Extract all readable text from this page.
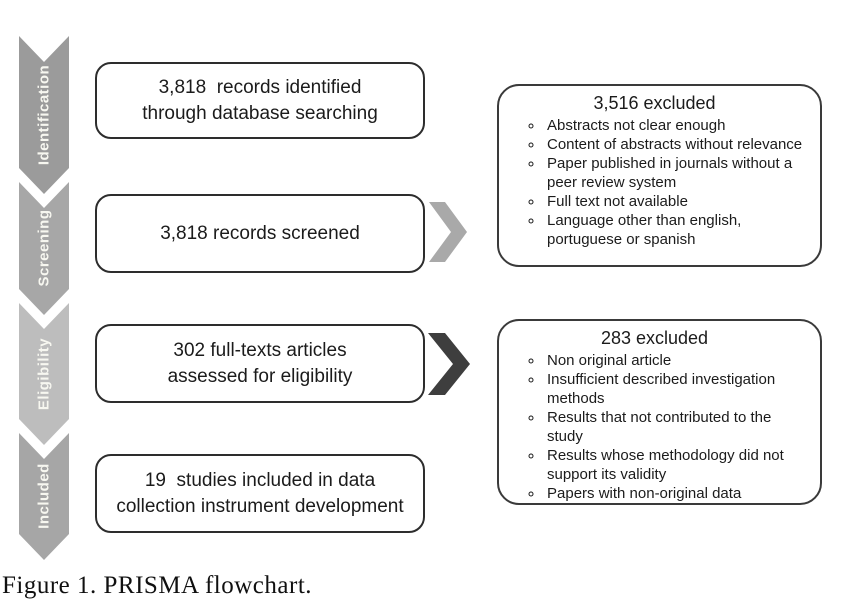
Identification
Screening
Eligibility
Included
3,818  records identified
through database searching
3,818 records screened
302 full-texts articles
assessed for eligibility
19  studies included in data
collection instrument development
3,516 excluded
◦ Abstracts not clear enough
◦ Content of abstracts without relevance
◦ Paper published in journals without a peer review system
◦ Full text not available
◦ Language other than english, portuguese or spanish
283 excluded
◦ Non original article
◦ Insufficient described investigation methods
◦ Results that not contributed to the study
◦ Results whose methodology did not support its validity
◦ Papers with non-original data
Figure 1. PRISMA flowchart.
